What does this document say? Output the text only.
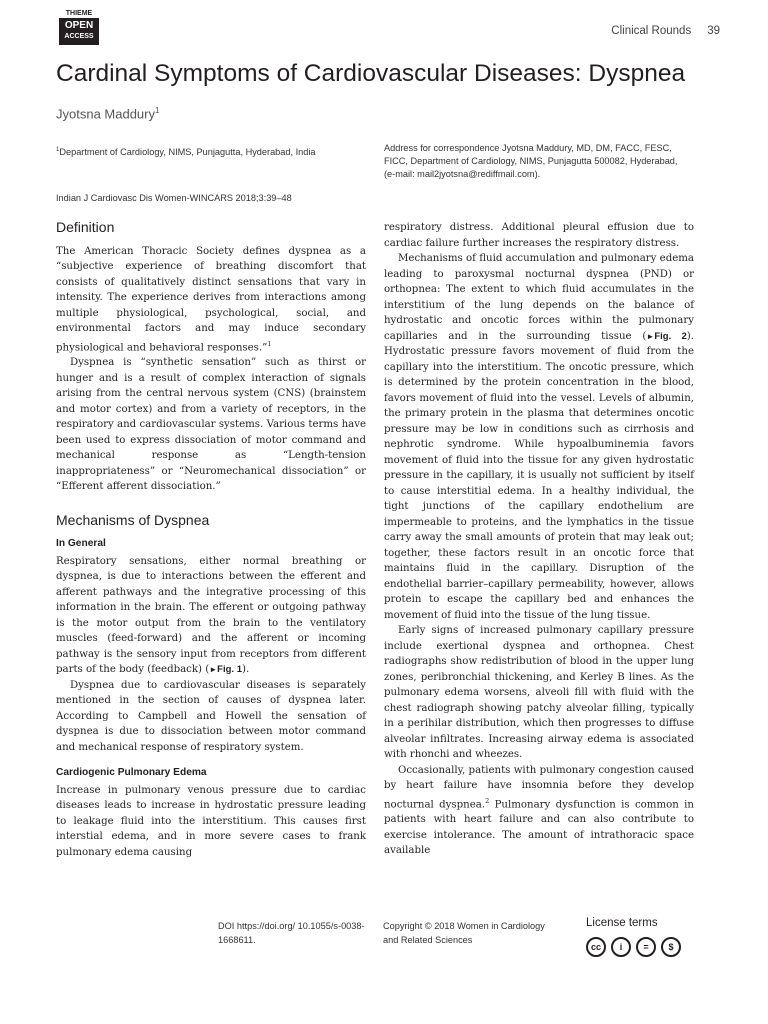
THIEME
OPEN
ACCESS	Clinical Rounds 39
Cardinal Symptoms of Cardiovascular Diseases: Dyspnea
Jyotsna Maddury$^1$
$^1$Department of Cardiology, NIMS, Punjagutta, Hyderabad, India	Address for correspondence Jyotsna Maddury, MD, DM, FACC, FESC, FICC, Department of Cardiology, NIMS, Punjagutta 500082, Hyderabad, (e-mail: mail2jyotsna@rediffmail.com).
Indian J Cardiovasc Dis Women-WINCARS 2018;3:39–48
Definition

The American Thoracic Society defines dyspnea as a “subjective experience of breathing discomfort that consists of qualitatively distinct sensations that vary in intensity. The experience derives from interactions among multiple physiological, psychological, social, and environmental factors and may induce secondary physiological and behavioral responses.”$^1$

Dyspnea is “synthetic sensation” such as thirst or hunger and is a result of complex interaction of signals arising from the central nervous system (CNS) (brainstem and motor cortex) and from a variety of receptors, in the respiratory and cardiovascular systems. Various terms have been used to express dissociation of motor command and mechanical response as “Length-tension inappropriateness” or “Neuromechanical dissociation” or “Efferent afferent dissociation.”

Mechanisms of Dyspnea
In General

Respiratory sensations, either normal breathing or dyspnea, is due to interactions between the efferent and afferent pathways and the integrative processing of this information in the brain. The efferent or outgoing pathway is the motor output from the brain to the ventilatory muscles (feed-forward) and the afferent or incoming pathway is the sensory input from receptors from different parts of the body (feedback) (►Fig. 1).

Dyspnea due to cardiovascular diseases is separately mentioned in the section of causes of dyspnea later. According to Campbell and Howell the sensation of dyspnea is due to dissociation between motor command and mechanical response of respiratory system.

Cardiogenic Pulmonary Edema

Increase in pulmonary venous pressure due to cardiac diseases leads to increase in hydrostatic pressure leading to leakage fluid into the interstitium. This causes first interstial edema, and in more severe cases to frank pulmonary edema causing

respiratory distress. Additional pleural effusion due to cardiac failure further increases the respiratory distress.

Mechanisms of fluid accumulation and pulmonary edema leading to paroxysmal nocturnal dyspnea (PND) or orthopnea: The extent to which fluid accumulates in the interstitium of the lung depends on the balance of hydrostatic and oncotic forces within the pulmonary capillaries and in the surrounding tissue (►Fig. 2). Hydrostatic pressure favors movement of fluid from the capillary into the interstitium. The oncotic pressure, which is determined by the protein concentration in the blood, favors movement of fluid into the vessel. Levels of albumin, the primary protein in the plasma that determines oncotic pressure may be low in conditions such as cirrhosis and nephrotic syndrome. While hypoalbuminemia favors movement of fluid into the tissue for any given hydrostatic pressure in the capillary, it is usually not sufficient by itself to cause interstitial edema. In a healthy individual, the tight junctions of the capillary endothelium are impermeable to proteins, and the lymphatics in the tissue carry away the small amounts of protein that may leak out; together, these factors result in an oncotic force that maintains fluid in the capillary. Disruption of the endothelial barrier–capillary permeability, however, allows protein to escape the capillary bed and enhances the movement of fluid into the tissue of the lung tissue.

Early signs of increased pulmonary capillary pressure include exertional dyspnea and orthopnea. Chest radiographs show redistribution of blood in the upper lung zones, peribronchial thickening, and Kerley B lines. As the pulmonary edema worsens, alveoli fill with fluid with the chest radiograph showing patchy alveolar filling, typically in a perihilar distribution, which then progresses to diffuse alveolar infiltrates. Increasing airway edema is associated with rhonchi and wheezes.

Occasionally, patients with pulmonary congestion caused by heart failure have insomnia before they develop nocturnal dyspnea.$^2$ Pulmonary dysfunction is common in patients with heart failure and can also contribute to exercise intolerance. The amount of intrathoracic space available

DOI https://doi.org/ 10.1055/s-0038-1668611.
Copyright © 2018 Women in Cardiology and Related Sciences
License terms
cc	i	=	$
